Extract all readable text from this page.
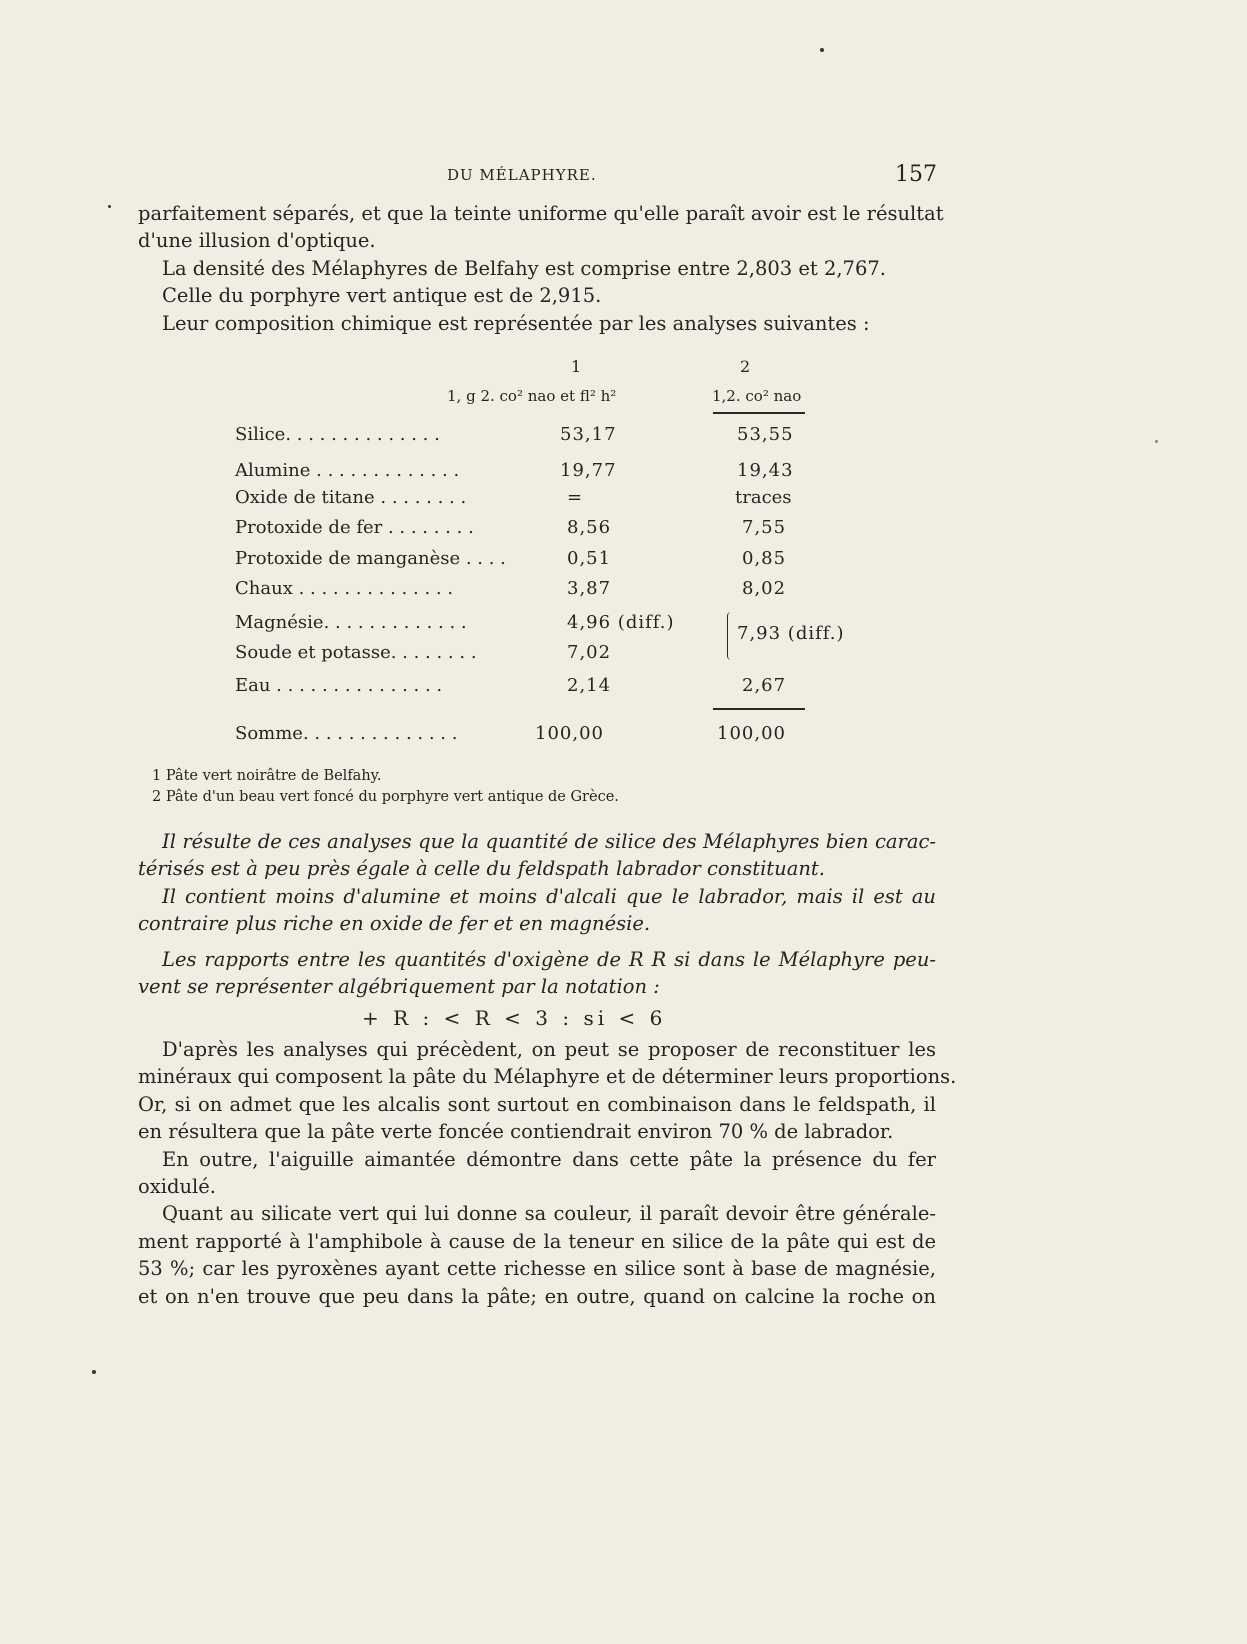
DU MÉLAPHYRE.	157
parfaitement séparés, et que la teinte uniforme qu'elle paraît avoir est le résultat
d'une illusion d'optique.
La densité des Mélaphyres de Belfahy est comprise entre 2,803 et 2,767.
Celle du porphyre vert antique est de 2,915.
Leur composition chimique est représentée par les analyses suivantes :
1	2
1, g 2. co² nao et fl² h²	1,2. co² nao
Silice. . . . . . . . . . . . . .	53,17	53,55
Alumine . . . . . . . . . . . . .	19,77	19,43
Oxide de titane . . . . . . . .	=	traces
Protoxide de fer . . . . . . . .	8,56	7,55
Protoxide de manganèse . . . .	0,51	0,85
Chaux . . . . . . . . . . . . . .	3,87	8,02
Magnésie. . . . . . . . . . . . .	4,96 (diff.)
Soude et potasse. . . . . . . .	7,02
7,93 (diff.)
Eau . . . . . . . . . . . . . . .	2,14	2,67
Somme. . . . . . . . . . . . . .	100,00	100,00
1 Pâte vert noirâtre de Belfahy.
2 Pâte d'un beau vert foncé du porphyre vert antique de Grèce.
Il résulte de ces analyses que la quantité de silice des Mélaphyres bien carac-
térisés est à peu près égale à celle du feldspath labrador constituant.
Il contient moins d'alumine et moins d'alcali que le labrador, mais il est au
contraire plus riche en oxide de fer et en magnésie.
Les rapports entre les quantités d'oxigène de R R si dans le Mélaphyre peu-
vent se représenter algébriquement par la notation :
+ R : < R < 3 : si < 6
D'après les analyses qui précèdent, on peut se proposer de reconstituer les
minéraux qui composent la pâte du Mélaphyre et de déterminer leurs proportions.
Or, si on admet que les alcalis sont surtout en combinaison dans le feldspath, il
en résultera que la pâte verte foncée contiendrait environ 70 % de labrador.
En outre, l'aiguille aimantée démontre dans cette pâte la présence du fer
oxidulé.
Quant au silicate vert qui lui donne sa couleur, il paraît devoir être générale-
ment rapporté à l'amphibole à cause de la teneur en silice de la pâte qui est de
53 %; car les pyroxènes ayant cette richesse en silice sont à base de magnésie,
et on n'en trouve que peu dans la pâte; en outre, quand on calcine la roche on
